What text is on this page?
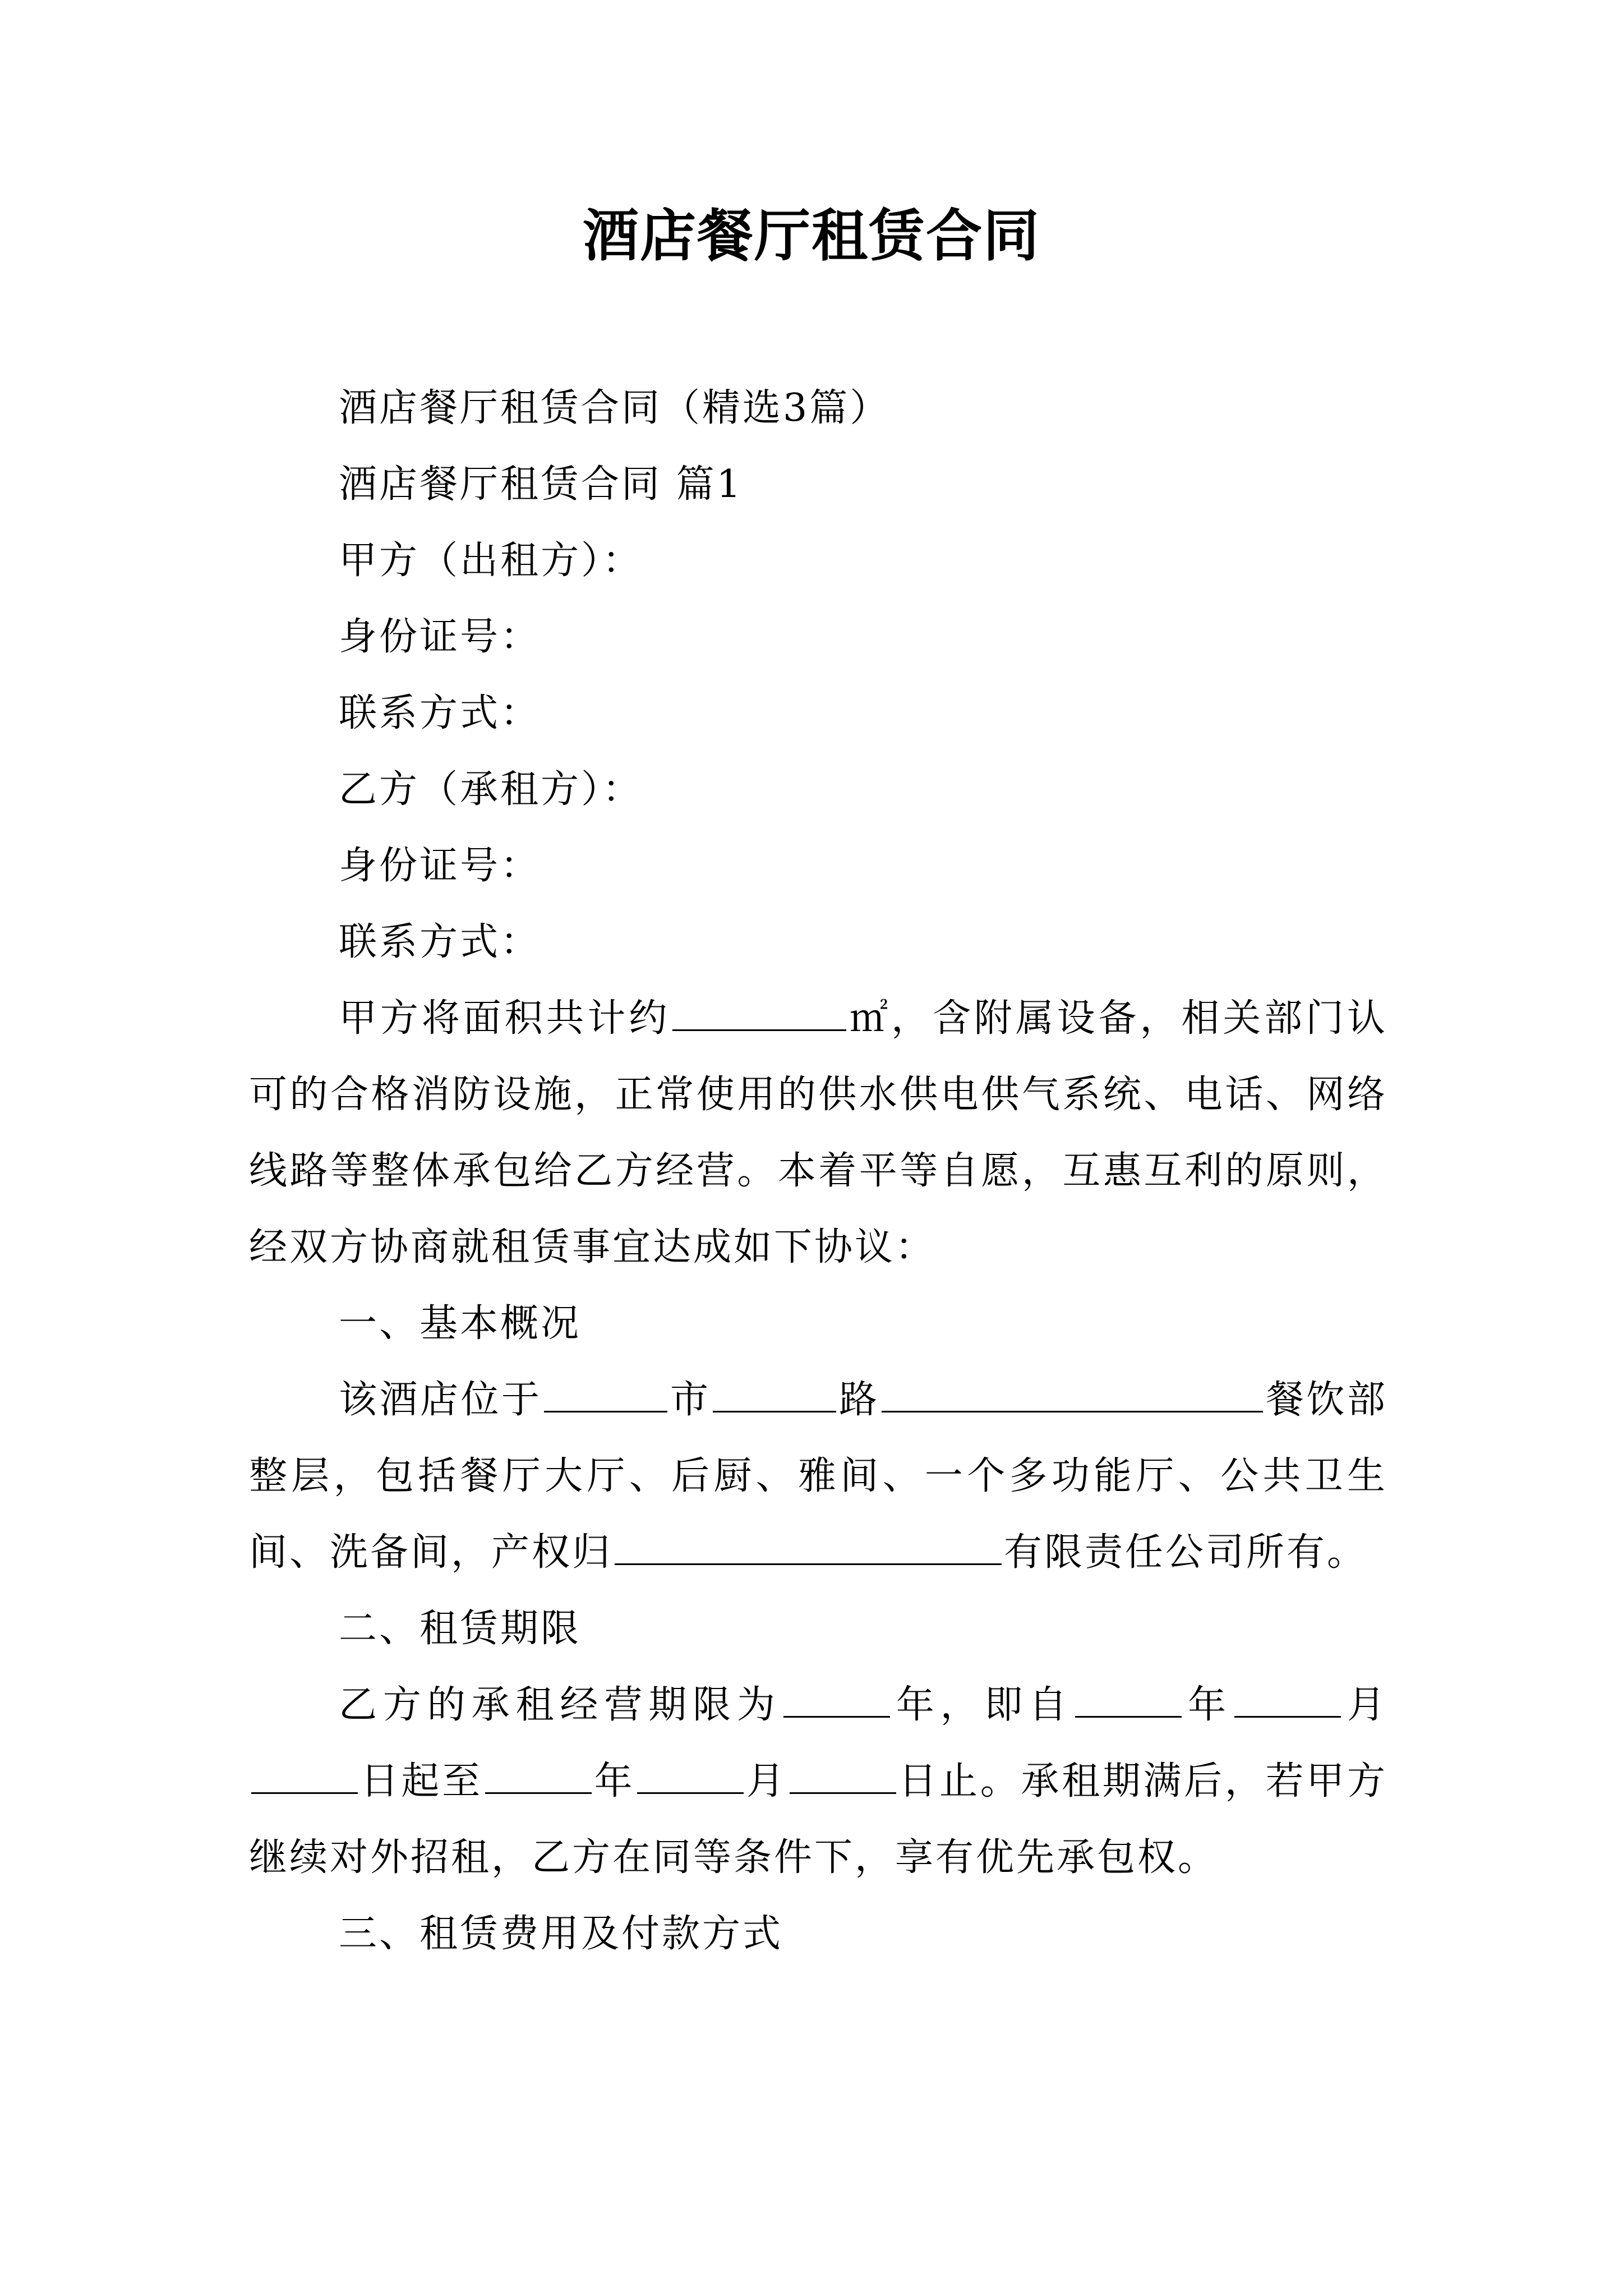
酒店餐厅租赁合同

酒店餐厅租赁合同（精选3篇）

酒店餐厅租赁合同 篇1

甲方（出租方）：

身份证号：

联系方式：

乙方（承租方）：

身份证号：

联系方式：

甲方将面积共计约	㎡，含附属设备，相关部门认可的合格消防设施，正常使用的供水供电供气系统、电话、网络线路等整体承包给乙方经营。本着平等自愿，互惠互利的原则，经双方协商就租赁事宜达成如下协议：

一、基本概况

该酒店位于	市	路	餐饮部整层，包括餐厅大厅、后厨、雅间、一个多功能厅、公共卫生间、洗备间，产权归	有限责任公司所有。

二、租赁期限

乙方的承租经营期限为	年，即自	年	月日起至	年	月	日止。承租期满后，若甲方继续对外招租，乙方在同等条件下，享有优先承包权。

三、租赁费用及付款方式
